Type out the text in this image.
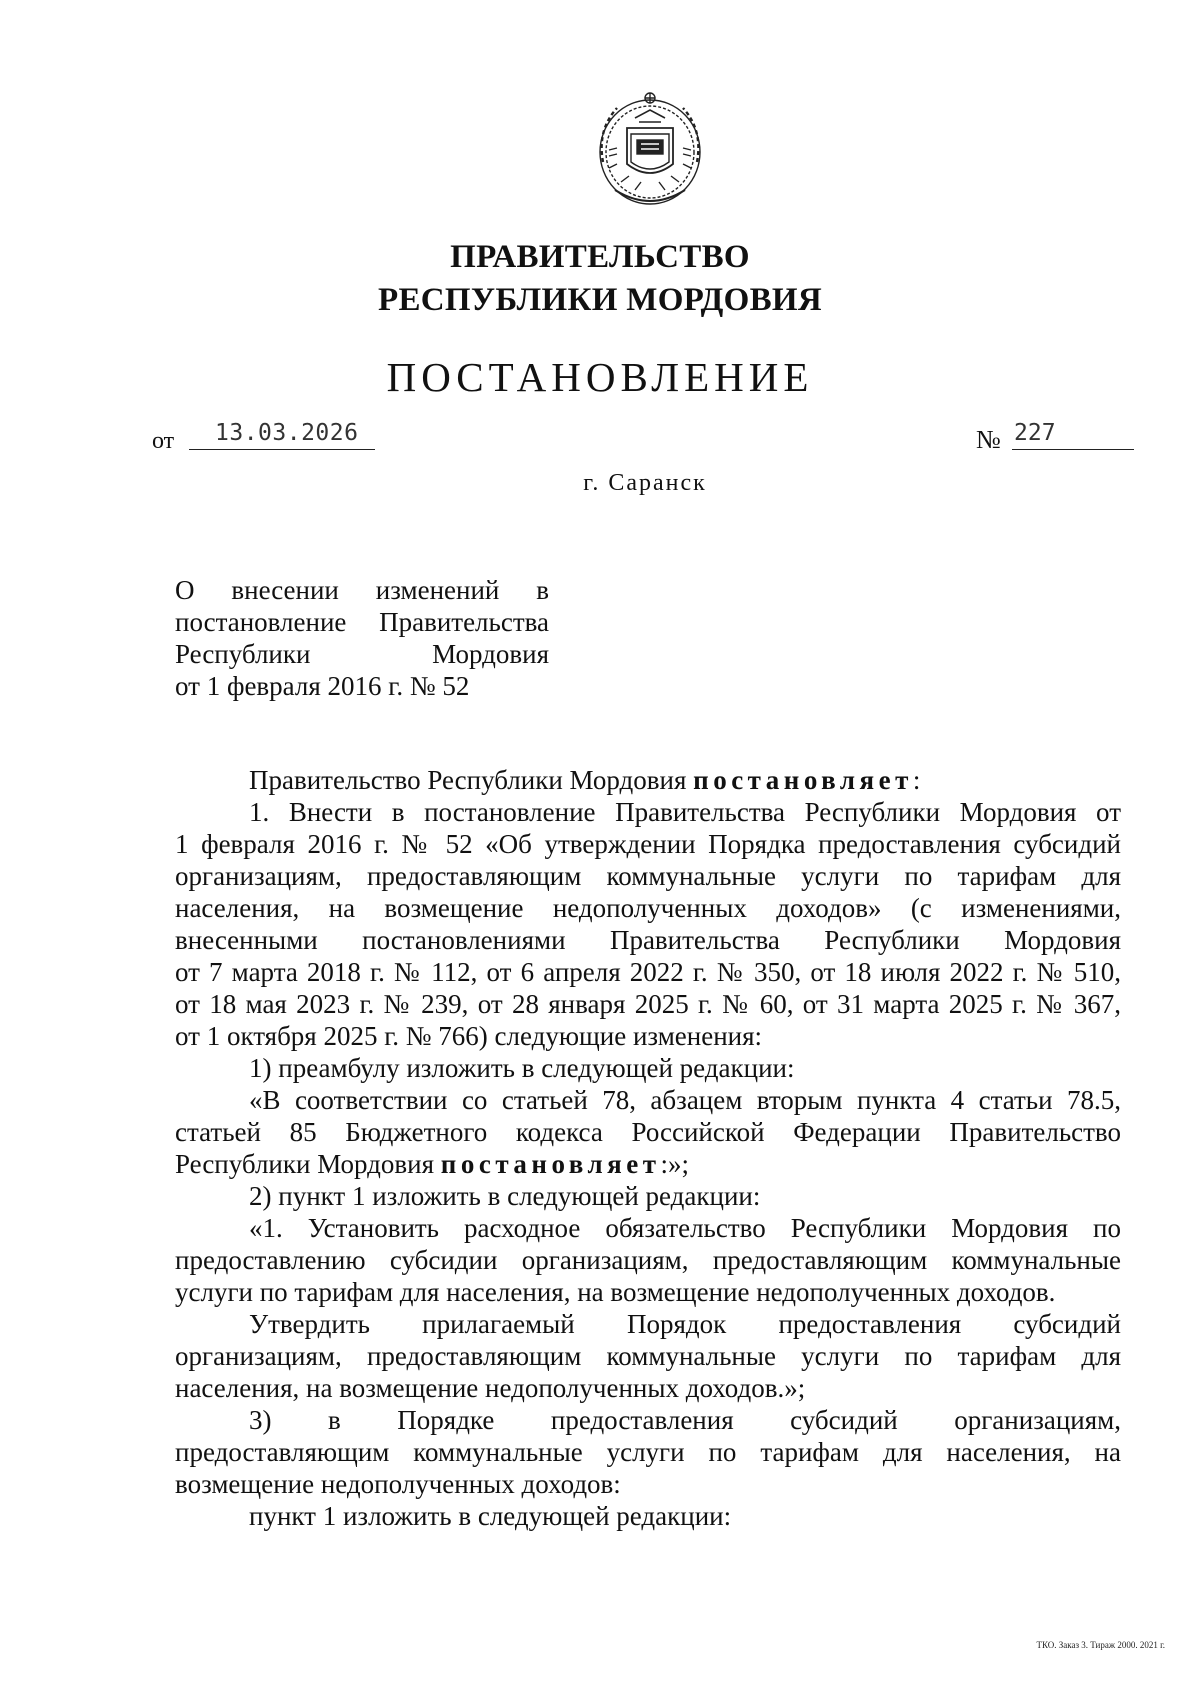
ПРАВИТЕЛЬСТВО
РЕСПУБЛИКИ МОРДОВИЯ
ПОСТАНОВЛЕНИЕ
от	13.03.2026	№ 227
г. Саранск
О внесении изменений в
постановление Правительства
Республики Мордовия
от 1 февраля 2016 г. № 52
Правительство Республики Мордовия постановляет:
1. Внести в постановление Правительства Республики Мордовия от
1 февраля 2016 г. № 52 «Об утверждении Порядка предоставления субсидий
организациям, предоставляющим коммунальные услуги по тарифам для
населения, на возмещение недополученных доходов» (с изменениями,
внесенными постановлениями Правительства Республики Мордовия
от 7 марта 2018 г. № 112, от 6 апреля 2022 г. № 350, от 18 июля 2022 г. № 510,
от 18 мая 2023 г. № 239, от 28 января 2025 г. № 60, от 31 марта 2025 г. № 367,
от 1 октября 2025 г. № 766) следующие изменения:
1) преамбулу изложить в следующей редакции:
«В соответствии со статьей 78, абзацем вторым пункта 4 статьи 78.5,
статьей 85 Бюджетного кодекса Российской Федерации Правительство
Республики Мордовия постановляет:»;
2) пункт 1 изложить в следующей редакции:
«1. Установить расходное обязательство Республики Мордовия по
предоставлению субсидии организациям, предоставляющим коммунальные
услуги по тарифам для населения, на возмещение недополученных доходов.
Утвердить прилагаемый Порядок предоставления субсидий
организациям, предоставляющим коммунальные услуги по тарифам для
населения, на возмещение недополученных доходов.»;
3) в Порядке предоставления субсидий организациям,
предоставляющим коммунальные услуги по тарифам для населения, на
возмещение недополученных доходов:
пункт 1 изложить в следующей редакции:
ТКО. Заказ 3. Тираж 2000. 2021 г.
